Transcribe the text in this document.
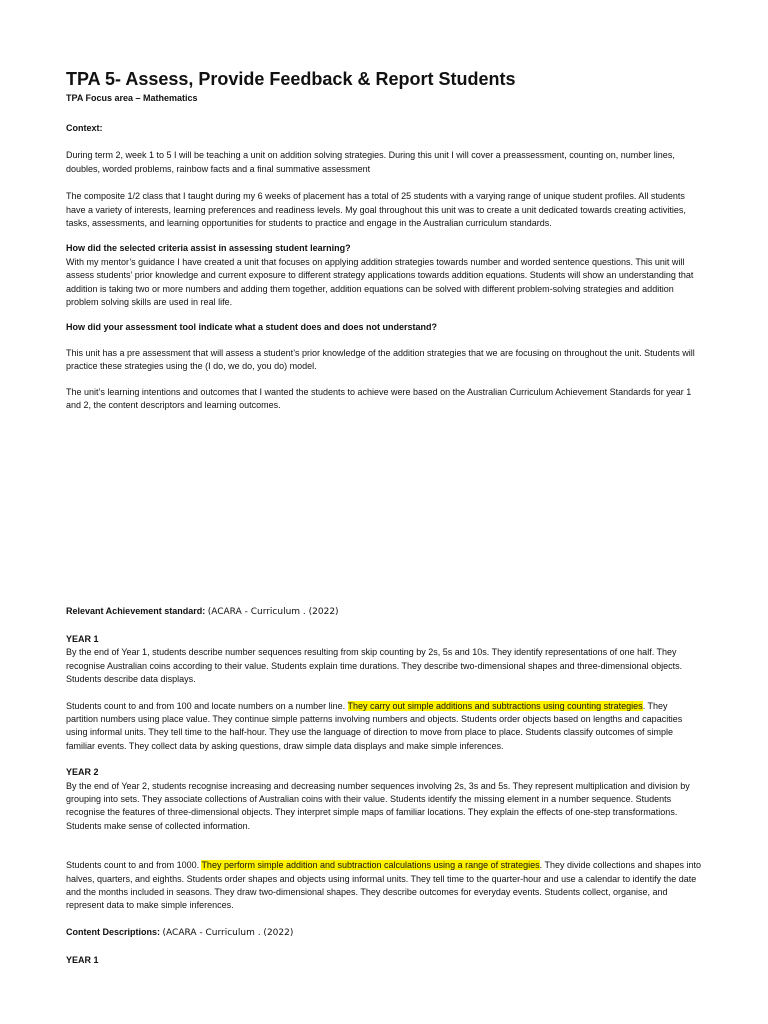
TPA 5- Assess, Provide Feedback & Report Students

TPA Focus area – Mathematics

Context:

During term 2, week 1 to 5 I will be teaching a unit on addition solving strategies. During this unit I will cover a preassessment, counting on, number lines, doubles, worded problems, rainbow facts and a final summative assessment

The composite 1/2 class that I taught during my 6 weeks of placement has a total of 25 students with a varying range of unique student profiles. All students have a variety of interests, learning preferences and readiness levels. My goal throughout this unit was to create a unit dedicated towards creating activities, tasks, assessments, and learning opportunities for students to practice and engage in the Australian curriculum standards.

How did the selected criteria assist in assessing student learning?

With my mentor’s guidance I have created a unit that focuses on applying addition strategies towards number and worded sentence questions. This unit will assess students’ prior knowledge and current exposure to different strategy applications towards addition equations. Students will show an understanding that addition is taking two or more numbers and adding them together, addition equations can be solved with different problem-solving strategies and addition problem solving skills are used in real life.

How did your assessment tool indicate what a student does and does not understand?

This unit has a pre assessment that will assess a student’s prior knowledge of the addition strategies that we are focusing on throughout the unit. Students will practice these strategies using the (I do, we do, you do) model.

The unit’s learning intentions and outcomes that I wanted the students to achieve were based on the Australian Curriculum Achievement Standards for year 1 and 2, the content descriptors and learning outcomes.

Relevant Achievement standard: (ACARA - Curriculum . (2022)

YEAR 1

By the end of Year 1, students describe number sequences resulting from skip counting by 2s, 5s and 10s. They identify representations of one half. They recognise Australian coins according to their value. Students explain time durations. They describe two-dimensional shapes and three-dimensional objects. Students describe data displays.

Students count to and from 100 and locate numbers on a number line. They carry out simple additions and subtractions using counting strategies. They partition numbers using place value. They continue simple patterns involving numbers and objects. Students order objects based on lengths and capacities using informal units. They tell time to the half-hour. They use the language of direction to move from place to place. Students classify outcomes of simple familiar events. They collect data by asking questions, draw simple data displays and make simple inferences.

YEAR 2

By the end of Year 2, students recognise increasing and decreasing number sequences involving 2s, 3s and 5s. They represent multiplication and division by grouping into sets. They associate collections of Australian coins with their value. Students identify the missing element in a number sequence. Students recognise the features of three-dimensional objects. They interpret simple maps of familiar locations. They explain the effects of one-step transformations. Students make sense of collected information.

Students count to and from 1000. They perform simple addition and subtraction calculations using a range of strategies. They divide collections and shapes into halves, quarters, and eighths. Students order shapes and objects using informal units. They tell time to the quarter-hour and use a calendar to identify the date and the months included in seasons. They draw two-dimensional shapes. They describe outcomes for everyday events. Students collect, organise, and represent data to make simple inferences.

Content Descriptions: (ACARA - Curriculum . (2022)

YEAR 1
